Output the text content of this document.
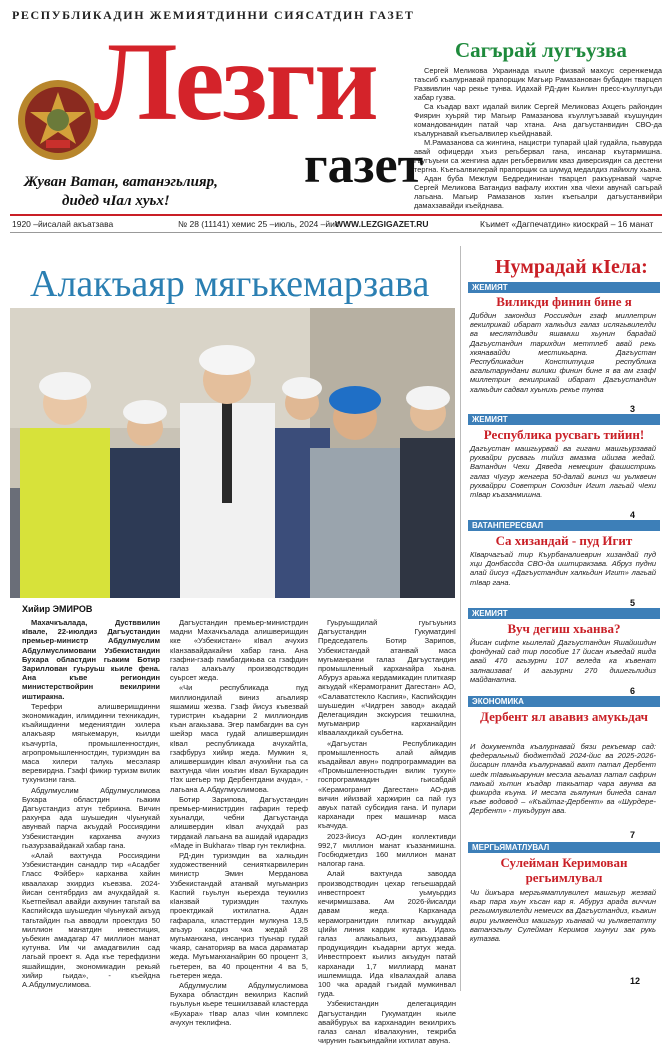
РЕСПУБЛИКАДИН ЖЕМИЯТДИННИ СИЯСАТДИН ГАЗЕТ
Лезги
газет
Жуван Ватан, ватанэгьлияр,
дидед чIал хуьх!
Сагърай лугъузва

Сергей Меликова Украинада къиле физвай махсус серенжемда таъсиб къалурнавай прапорщик Магьир Рамазанован бубадин тварцел Развивлин чар рекье тунва. Идахай РД-дин Кьилин пресс-къуллугъди хабар гузва.

Са къадар вахт идалай вилик Сергей Меликоваз Ахцегь райондин Фиярин хуьряй тир Магьир Рамазанова къуллугъзавай къушундин командованидин патай чар хтана. Ана дагъустанвидин СВО-да къалурнавай къегьалвилер къейднавай.

М.Рамазанова са жингина, нацистри тупарай цIай гудайла, гьавурда авай офицерди хъиз регьбервал гана, инсанар къутармишна. Гьугъуьни са женгина адан регьбервилик кваз диверсиядин са дестени тергна. Къегьалвилерай прапорщик са шумуд медалдиз лайихлу хьана.

Адан буба Межлум Бедредининан тварцел ракъурнавай чарче Сергей Меликова Ватандиз вафалу иххтин хва чIехи авунай сагърай лагьана. Магьир Рамазанов хьтин къегьалри дагъустанвийри дамахзавайди къейднава.

1920 –йисалай акъатзава	№ 28 (11141) хемис 25 –июль, 2024 –йис
WWW.LEZGIGAZET.RU	Къимет «Дагпечатдин» киоскрай – 16 манат
Алакъаяр мягькемарзава
Хийир ЭМИРОВ

Махачкъалада, Дустввилин кIвале, 22-июлдиз Дагъустандин премьер-министр Абдулмуслим Абдулмуслимовани Узбекистандин Бухара областдин гьаким Ботир Зариллован гуьруьш кьиле фена. Ана къве региондин министерствойрин векилрини иштиракна.

Терефри алишверишдинни экономикадин, илимдинни техникадин, къайишдинни медениятдин хилера алакъаяр мягькемарун, кьилди къачуртIа, промышленностдин, агропромышленностдин, туризмдин ва маса хилери талукь месэлаяр веревирдна. ГзафI фикир туризм вилик тухунизни гана.

Абдулмуслим Абдулмуслимова Бухара областдин гьаким Дагъустандиз атун тебрикна. Вичин рахунра ада шуьшедин чIуьнукай авунвай парча акъудай Россиядини Узбекистандин карханва ачухиз гьазурзавайдакай хабар гана.

«Алай вахтунда Россиядини Узбекистандин санадлр тир «Асадбег Гласс Фэйбер» карханва хайин кваалахар эхирдиз къевзва. 2024-йисан сентябрдиз ам ачухдайдай я. Кьетпейвал авайди ахвунин тагьтай ва Каспийскда шуьшедин чIуьнукай акъуд тагьтайдин гьа авводли проектдиз 50 миллион манатдин инвестиция, уьбекин амадагар 47 миллион манат кутунва. Им чи амадагвилин сад лагьай проект я. Ада къе терефдизни яшайишдин, экономикадин рекьяй хийир гьида», - къейдна А.Абдулмуслимова.

Дагъустандин премьер-министрдин мадни Махачкъалада алишверишдин кке «Узбекистан» кIвал ачухиз кIанзавайдакайни хабар гана. Ана гзафни-гзаф памбагдикьва са гзафдин галаз алакъалу производстводин суьрсет жеда.

«Чи республикада пуд миллиондилай виниз агьалияр яшамиш жезва. Гзаф йисуз къвезвай туристрин къадарни 2 миллиондив къан агакьзава. Эгер памбагдин ва сун шейэр маса гудай алишвершидин кIвал республикада ачухайтIа, гзафбуруз хийир жеда. Мумкин я, алишвершидин кIвал ачухийни гьа са вахтунда чIин ихьтин кIвал Бухарадин тIэх шегьер тир Дербентдани ачуда», - лагьана А.Абдулмуслимова.

Ботир Зарипова, Дагъустандин премьер-министрдин гафарин тереф хуьналди, чебни Дагъустанда алишвердин кIвал ачухдай раз тирдакай лагьана ва ашидай идарадиз «Мадe in Bukhara» тIвар гун теклифна.

РД-дин туризмдин ва халкьдин художественний сенияткарвилерин министр Эмин Мерданова Узбекистандай атанвай мугьманриз Каспий гьуьлун кьерехда теукилиз кIанзвай туризмдин тахлукь проектдикай ихтилатна. Адан гафарала, класттердин мулкуна 13,5 агьзур касдиз чка жедай 28 мугьманхана, инсанриз тIуьнар гудай чкаяр, санаторияр ва маса дараматар жеда. Мугьманханайрин 60 процент 3, гьетерен, ва 40 процентни 4 ва 5, гьетерен жеда.

Абдулмуслим Абдулмуслимова Бухара областдин векилриз Каспий гьуьлуьн кьере тешкилзавай кластерда «Бухара» тIвар алаз чIин комплекс ачухун теклифна.

Гуьруьшдилай гуьгъуьниз Дагъустандин ГукуматдинI Председатель Ботир Зарипов, Узбекистандай атанвай маса мугьманрани галаз Дагъустандин промышленный карханайра хьана. Абуруз араьжа кердамикадин плиткаяр акъудай «Керамогранит Дагестан» АО, «Салаватстекло Каспия», Каспийскдин шуьшедин «Чидгрен завод» акадай Делегациядин экскурсия тешкилна, мугьманрир карханайдин кIваалахдикай суьбетна.

«Дагъустан Республикадин промышленность алай аймдив къадайвал авун» подпрограммадин ва «Промышленностьдин вилик тухун» госпрограммадин гьисабдай «Керамогранит Дагестан» АО-див вичин ийизвай харжирин са пай гуз авуьх патай субсидия гана. И пулари карханади прек машинар маса къачуда.

2023-йисуз АО-дин коллективди 992,7 миллион манат къазанмишна. Госбюджетдиз 160 миллион манат налогар гана.

Алай вахтунда заводда производстводин цехар гегьешардай инвестпроект уьмуьрдиз кечирмишзава. Ам 2026-йисалди давам жеда. Карханада керамогранитдин плиткар акъуддай цIийи линия кардик кутада. Идахь галаз алакьальиз, акъудзавай продукциядин къадарни артух жеда. Инвестпроект кьилиз акъудун патай карханади 1,7 миллиард манат ишлемишда. Ида кIвалахдай алава 100 чка арадай гъидай мумкинвал гуда.

Узбекистандин делегациядин Дагъустандин Гукуматдин кьиле авайбуруьх ва карханадин векилрихъ галаз санал кIвалахунин, тежриба чирунин гьакъиндайни ихтилат авуна.

Нумрадай кIела:
ЖЕМИЯТ
Виликди финин бине я
Дибдин закондиз Россиядин гзаф миллетрин векилрикай ибарат халкьдиз галаз ислягьвилелди ва меслятдивди яшамиш хьунин барадай Дагъустандин тарихдин меттлеб авай рекь хкянавайди местикьарна. Дагъустан Республикадин Конституция республика агальтарундани вилики финин бине я ва ам гзафI миллетрин векилрикай ибарат Дагъустандин халкьдин садвал хуьнихь рекье тунва
3
ЖЕМИЯТ
Республика русвагь тийин!
Дагъустан машгьурвай ва гигани машгьурзавай рухвайри русвагь тийиз амазма ийизва жедай. Ватандин Чехи Дяведа немецрин фашистрикь галаз чIугур женгера 50-далай виниз чи уьлквеин рухвайрри Советрин Союздин Игит лагьай чIехи тIвар къазанмишна.
4
ВАТАНПЕРЕСВАЛ
Са хизандай - пуд Игит
КIварчагъай тир Къурбаналиеврин хизандай пуд хци Донбассда СВО-да иштиракзава. Абруз пудни алай йисуз «Дагъустандин халкьдин Игит» лагьай тIвар гана.
5
ЖЕМИЯТ
Вуч дегиш хьанва?
Йисан сифте кьилелай Дагъустандин Яшайишдин фондунай сад тир пособие 17 йисан къведай яшда авай 470 агьзурни 107 веледа ка къвенат залнаизава! И агьзурни 270 дишегьлидиз майданатна.
6
ЭКОНОМИКА
Дербент ял ававиз амукьдач
И документда къалурнавай бязи рекъемар сад: федеральный бюджетдай 2024-йис ва 2025-2026-йисарин планда къалурнавай вахт патал Дербент шедк тIавыкьарунин месэла агьалаз патал сафрин пакьай хьтин къадар такьатар чара авунва ва фикирда къуна. И месэла гьялунин бинеда санал къве водовод – «Къайтаг-Дербент» ва «Шурдере-Дербент» - тукьдурун ава.
7
МЕРГЬЯМАТЛУВАЛ
Сулейман Керимован регьимлувал
Чи йикъара мергьяматлувилел машгьур жезвай кьар пара хьун хъсан кар я. Абуруз арада виччин регьимлувилелди немеисх ва Дагъустандиз, къакин вири уьлквендиз машгьур хьанвай чи уьлквепатту ватанэгьлу Сулейман Керимов хьунуи зак рукь кутазва.
12
